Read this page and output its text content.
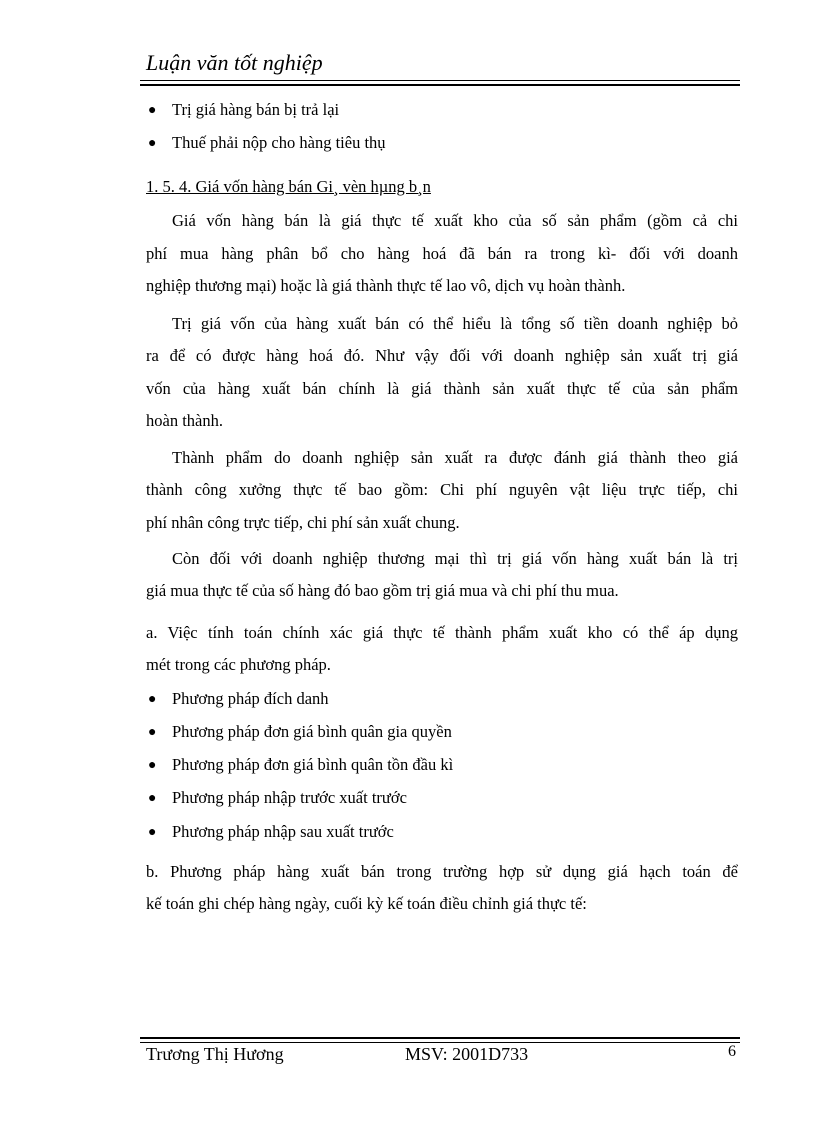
Luận văn tốt nghiệp
● Trị giá hàng bán bị trả lại
● Thuế phải nộp cho hàng tiêu thụ
1. 5. 4. Giá vốn hàng bán Gi¸ vèn hµng b¸n
Giá vốn hàng bán là giá thực tế xuất kho của số sản phẩm (gồm cả chi
phí mua hàng phân bổ cho hàng hoá đã bán ra trong kì- đối với doanh
nghiệp thương mại) hoặc là giá thành thực tế lao vô, dịch vụ hoàn thành.
Trị giá vốn của hàng xuất bán có thể hiểu là tổng số tiền doanh nghiệp bỏ
ra để có được hàng hoá đó. Như vậy đối với doanh nghiệp sản xuất trị giá
vốn của hàng xuất bán chính là giá thành sản xuất thực tế của sản phẩm
hoàn thành.
Thành phẩm do doanh nghiệp sản xuất ra được đánh giá thành theo giá
thành công xưởng thực tế bao gồm: Chi phí nguyên vật liệu trực tiếp, chi
phí nhân công trực tiếp, chi phí sản xuất chung.
Còn đối với doanh nghiệp thương mại thì trị giá vốn hàng xuất bán là trị
giá mua thực tế của số hàng đó bao gồm trị giá mua và chi phí thu mua.
a. Việc tính toán chính xác giá thực tế thành phẩm xuất kho có thể áp dụng
mét trong các phương pháp.
● Phương pháp đích danh
● Phương pháp đơn giá bình quân gia quyền
● Phương pháp đơn giá bình quân tồn đầu kì
● Phương pháp nhập trước xuất trước
● Phương pháp nhập sau xuất trước
b. Phương pháp hàng xuất bán trong trường hợp sử dụng giá hạch toán để
kế toán ghi chép hàng ngày, cuối kỳ kế toán điều chỉnh giá thực tế:
Trương Thị Hương	MSV: 2001D733	6
